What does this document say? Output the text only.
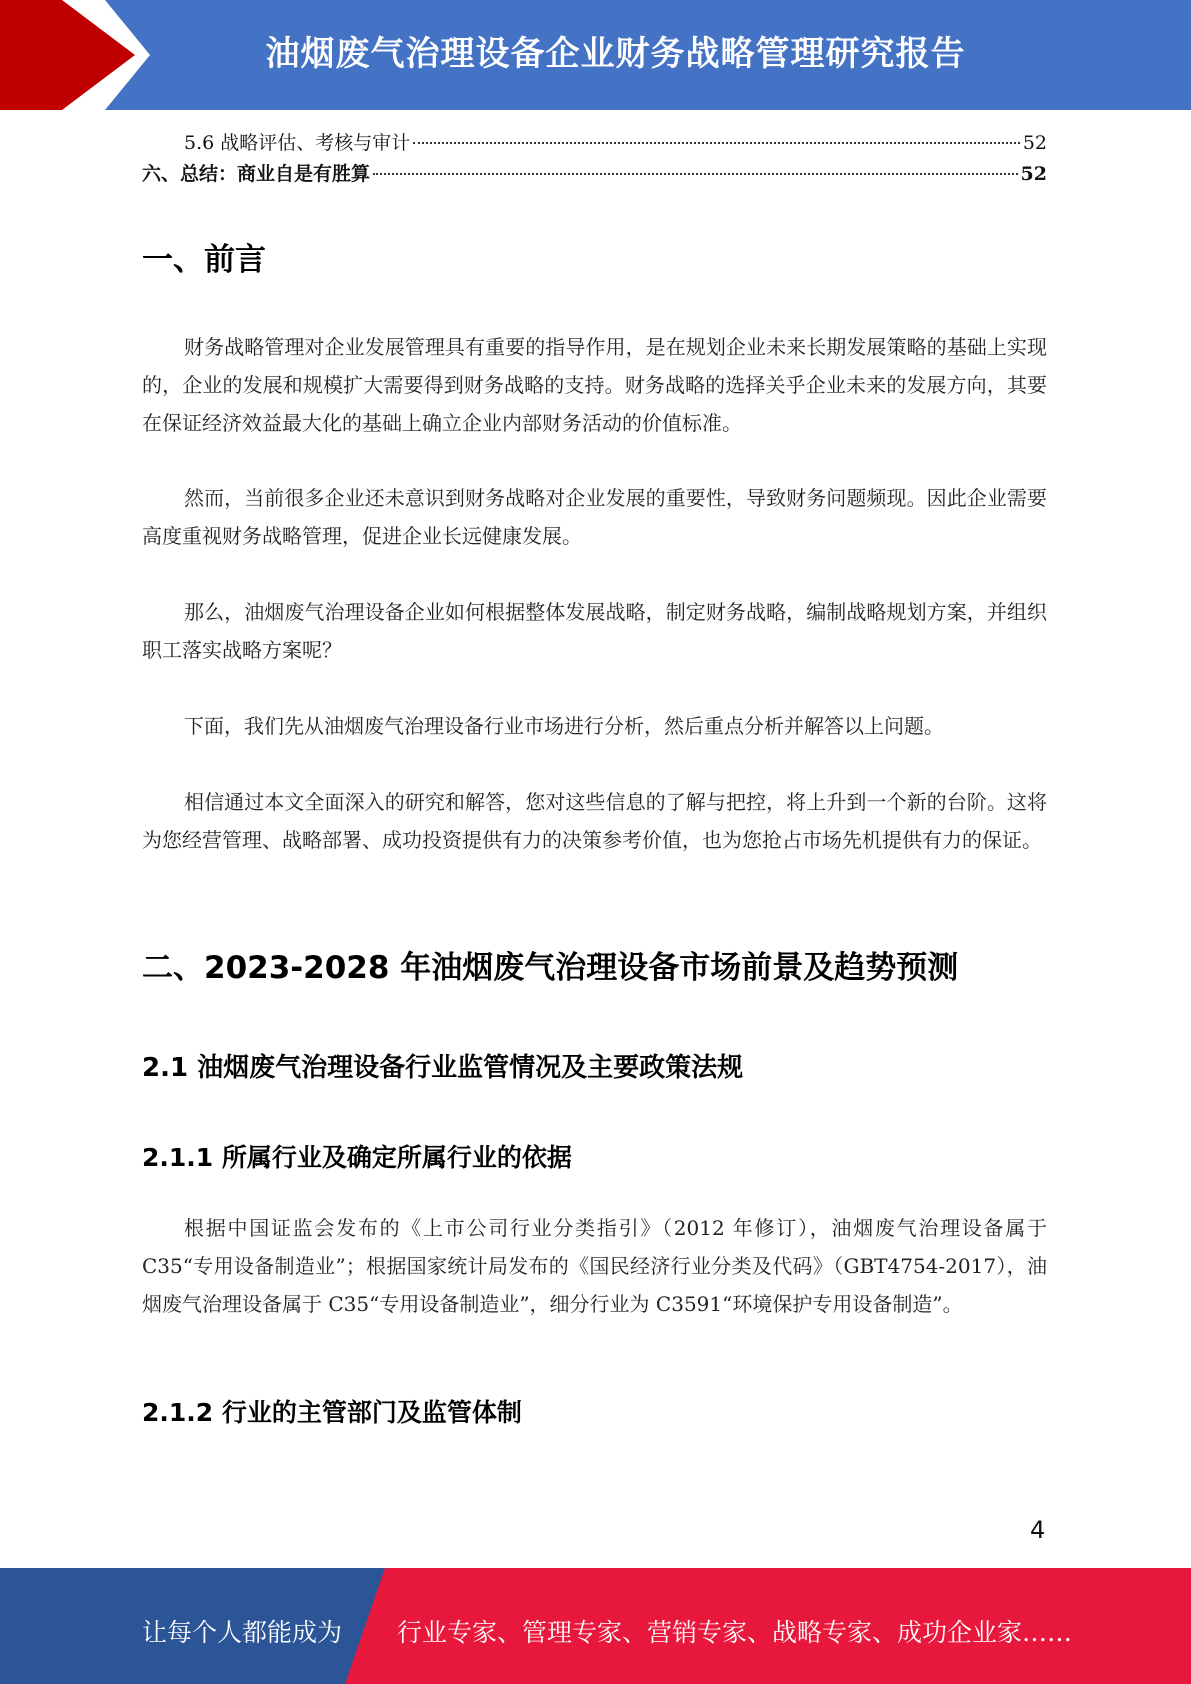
油烟废气治理设备企业财务战略管理研究报告
5.6 战略评估、考核与审计	52
六、总结：商业自是有胜算	52
一、前言
财务战略管理对企业发展管理具有重要的指导作用，是在规划企业未来长期发展策略的基础上实现的，企业的发展和规模扩大需要得到财务战略的支持。财务战略的选择关乎企业未来的发展方向，其要在保证经济效益最大化的基础上确立企业内部财务活动的价值标准。
然而，当前很多企业还未意识到财务战略对企业发展的重要性，导致财务问题频现。因此企业需要高度重视财务战略管理，促进企业长远健康发展。
那么，油烟废气治理设备企业如何根据整体发展战略，制定财务战略，编制战略规划方案，并组织职工落实战略方案呢？
下面，我们先从油烟废气治理设备行业市场进行分析，然后重点分析并解答以上问题。
相信通过本文全面深入的研究和解答，您对这些信息的了解与把控，将上升到一个新的台阶。这将为您经营管理、战略部署、成功投资提供有力的决策参考价值，也为您抢占市场先机提供有力的保证。
二、2023-2028 年油烟废气治理设备市场前景及趋势预测
2.1 油烟废气治理设备行业监管情况及主要政策法规
2.1.1 所属行业及确定所属行业的依据
根据中国证监会发布的《上市公司行业分类指引》（2012 年修订），油烟废气治理设备属于 C35“专用设备制造业”；根据国家统计局发布的《国民经济行业分类及代码》（GBT4754-2017），油烟废气治理设备属于 C35“专用设备制造业”，细分行业为 C3591“环境保护专用设备制造”。
2.1.2 行业的主管部门及监管体制
4
让每个人都能成为 行业专家、管理专家、营销专家、战略专家、成功企业家……
